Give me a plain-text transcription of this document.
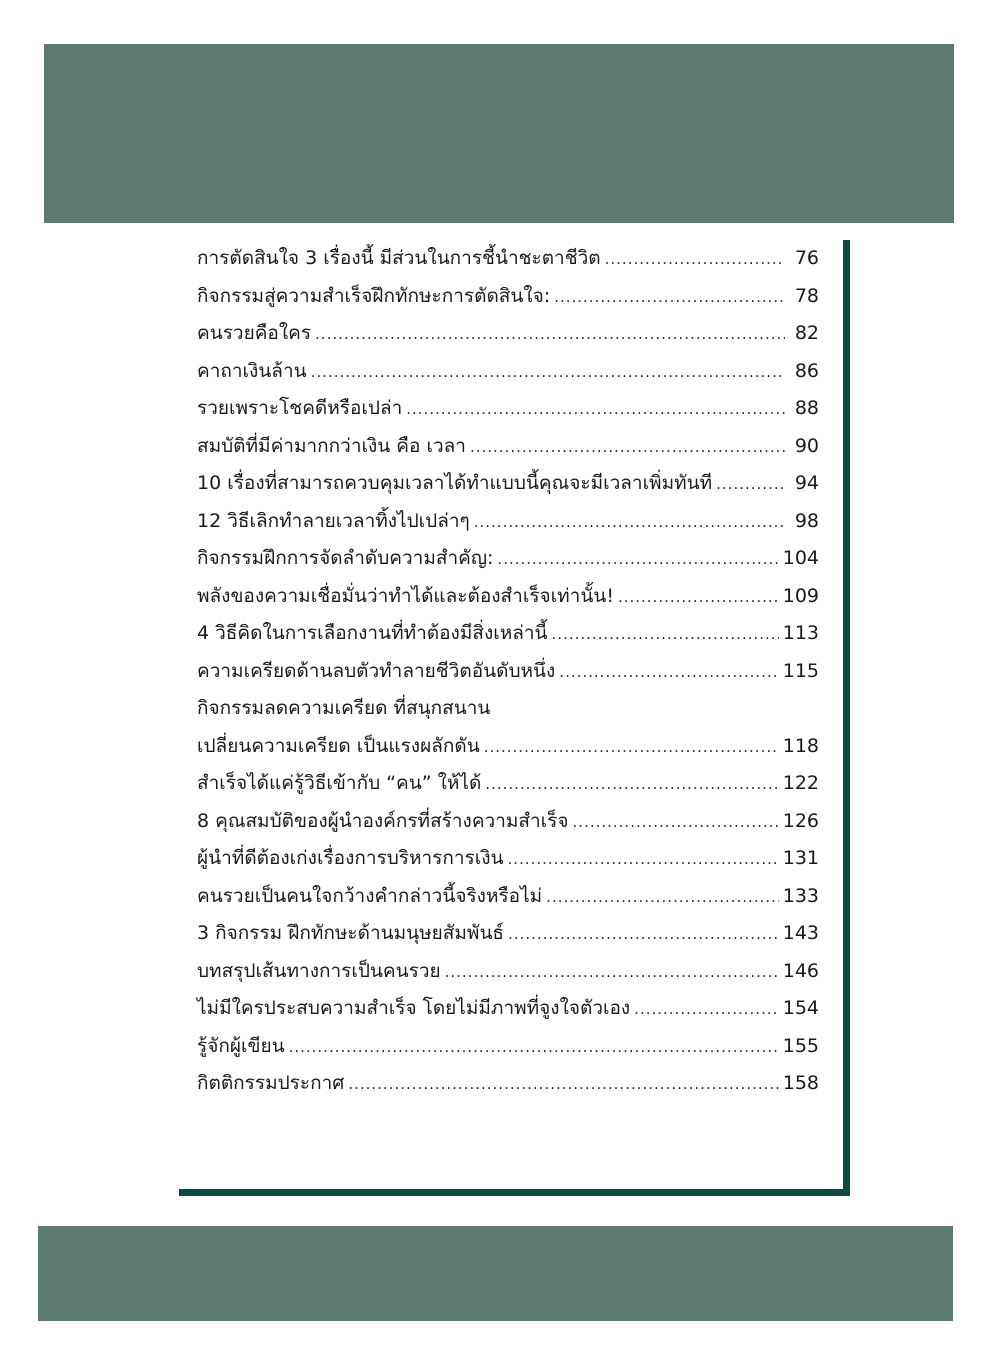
การตัดสินใจ 3 เรื่องนี้ มีส่วนในการชี้นำชะตาชีวิต .....	76
กิจกรรมสู่ความสำเร็จฝึกทักษะการตัดสินใจ: .....	78
คนรวยคือใคร .....	82
คาถาเงินล้าน .....	86
รวยเพราะโชคดีหรือเปล่า .....	88
สมบัติที่มีค่ามากกว่าเงิน คือ เวลา .....	90
10 เรื่องที่สามารถควบคุมเวลาได้ทำแบบนี้คุณจะมีเวลาเพิ่มทันที .....	94
12 วิธีเลิกทำลายเวลาทิ้งไปเปล่าๆ .....	98
กิจกรรมฝึกการจัดลำดับความสำคัญ: .....	104
พลังของความเชื่อมั่นว่าทำได้และต้องสำเร็จเท่านั้น! .....	109
4 วิธีคิดในการเลือกงานที่ทำต้องมีสิ่งเหล่านี้ .....	113
ความเครียดด้านลบตัวทำลายชีวิตอันดับหนึ่ง .....	115
กิจกรรมลดความเครียด ที่สนุกสนาน
เปลี่ยนความเครียด เป็นแรงผลักดัน .....	118
สำเร็จได้แค่รู้วิธีเข้ากับ “คน” ให้ได้ .....	122
8 คุณสมบัติของผู้นำองค์กรที่สร้างความสำเร็จ .....	126
ผู้นำที่ดีต้องเก่งเรื่องการบริหารการเงิน .....	131
คนรวยเป็นคนใจกว้างคำกล่าวนี้จริงหรือไม่ .....	133
3 กิจกรรม ฝึกทักษะด้านมนุษยสัมพันธ์ .....	143
บทสรุปเส้นทางการเป็นคนรวย .....	146
ไม่มีใครประสบความสำเร็จ โดยไม่มีภาพที่จูงใจตัวเอง .....	154
รู้จักผู้เขียน .....	155
กิตติกรรมประกาศ .....	158
